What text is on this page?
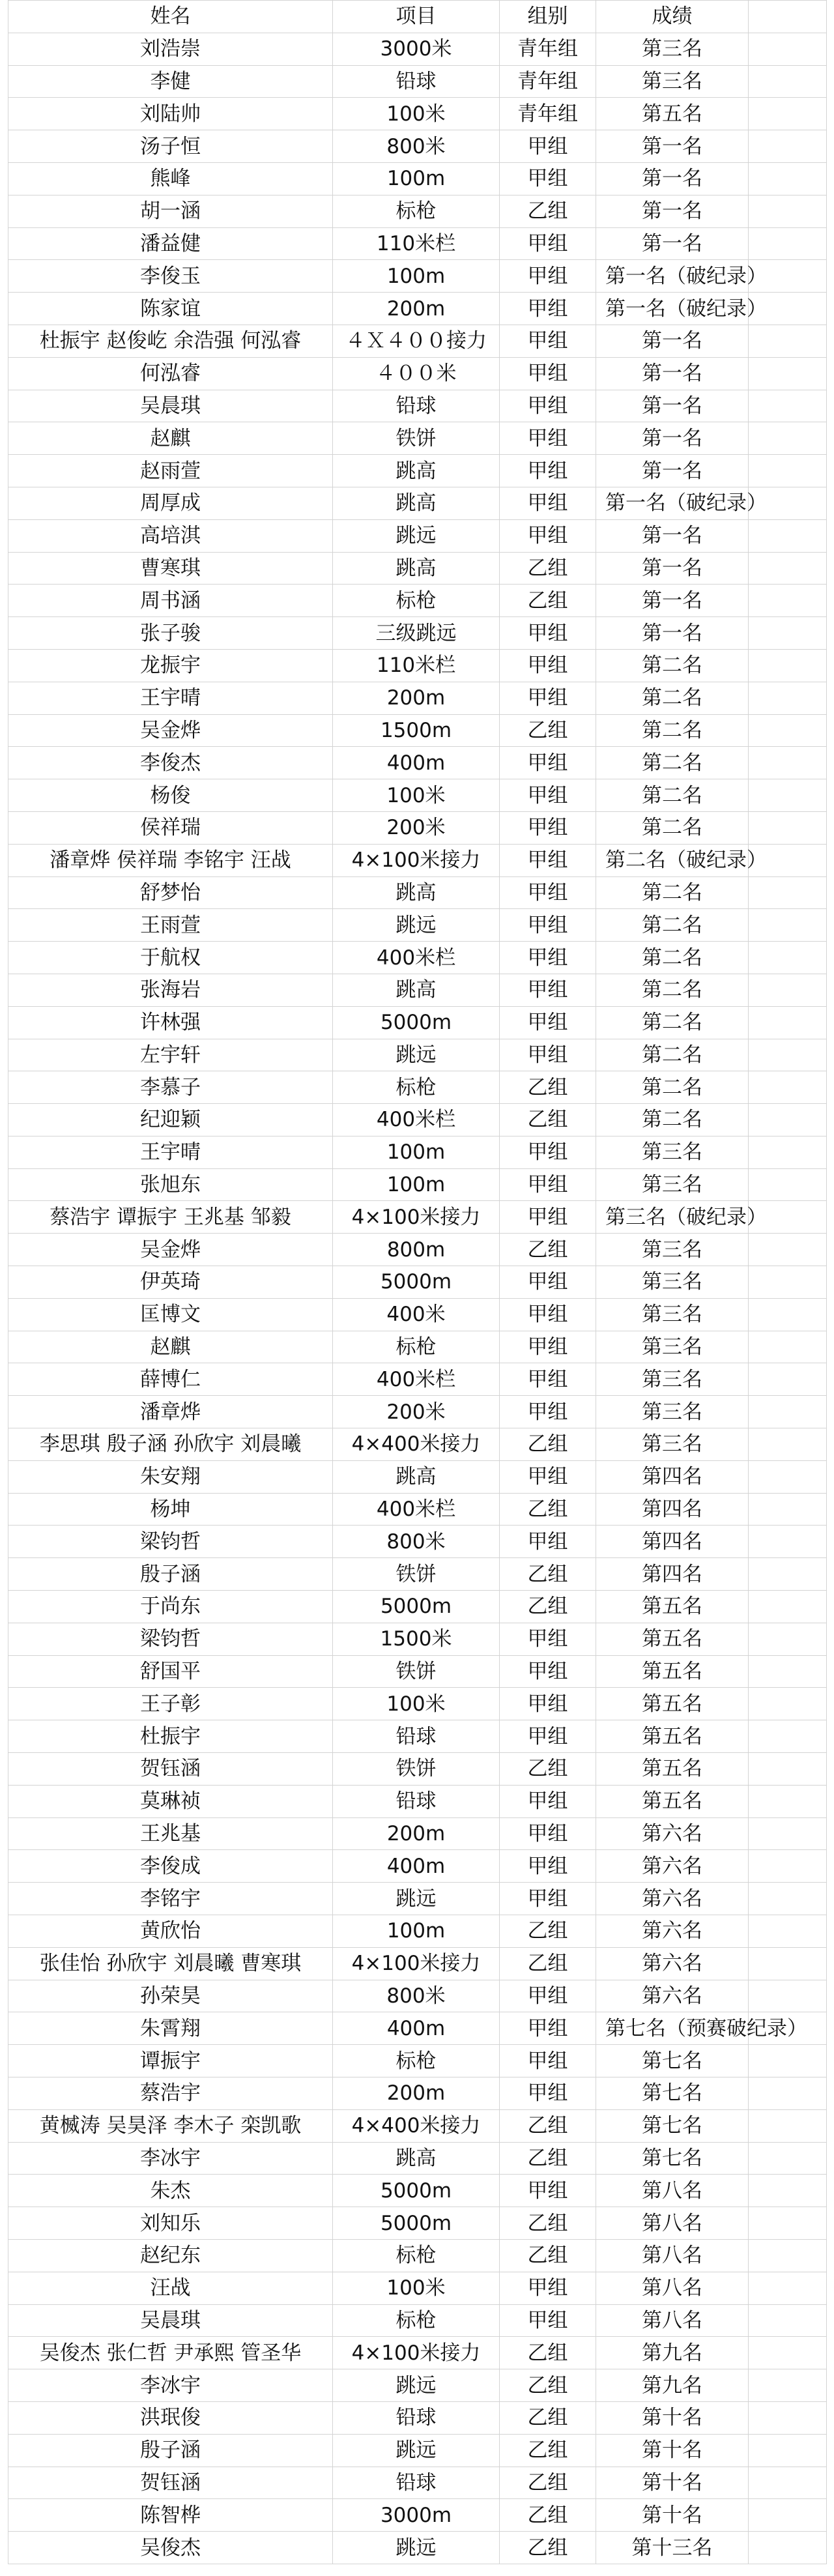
姓名	项目	组别	成绩	
刘浩崇	3000米	青年组	第三名	
李健	铅球	青年组	第三名	
刘陆帅	100米	青年组	第五名	
汤子恒	800米	甲组	第一名	
熊峰	100m	甲组	第一名	
胡一涵	标枪	乙组	第一名	
潘益健	110米栏	甲组	第一名	
李俊玉	100m	甲组	第一名（破纪录）	
陈家谊	200m	甲组	第一名（破纪录）	
杜振宇 赵俊屹 余浩强 何泓睿	４Ｘ４００接力	甲组	第一名	
何泓睿	４００米	甲组	第一名	
吴晨琪	铅球	甲组	第一名	
赵麒	铁饼	甲组	第一名	
赵雨萱	跳高	甲组	第一名	
周厚成	跳高	甲组	第一名（破纪录）	
高培淇	跳远	甲组	第一名	
曹寒琪	跳高	乙组	第一名	
周书涵	标枪	乙组	第一名	
张子骏	三级跳远	甲组	第一名	
龙振宇	110米栏	甲组	第二名	
王宇晴	200m	甲组	第二名	
吴金烨	1500m	乙组	第二名	
李俊杰	400m	甲组	第二名	
杨俊	100米	甲组	第二名	
侯祥瑞	200米	甲组	第二名	
潘章烨 侯祥瑞 李铭宇 汪战	4×100米接力	甲组	第二名（破纪录）	
舒梦怡	跳高	甲组	第二名	
王雨萱	跳远	甲组	第二名	
于航权	400米栏	甲组	第二名	
张海岩	跳高	甲组	第二名	
许林强	5000m	甲组	第二名	
左宇轩	跳远	甲组	第二名	
李慕子	标枪	乙组	第二名	
纪迎颖	400米栏	乙组	第二名	
王宇晴	100m	甲组	第三名	
张旭东	100m	甲组	第三名	
蔡浩宇 谭振宇 王兆基 邹毅	4×100米接力	甲组	第三名（破纪录）	
吴金烨	800m	乙组	第三名	
伊英琦	5000m	甲组	第三名	
匡博文	400米	甲组	第三名	
赵麒	标枪	甲组	第三名	
薛博仁	400米栏	甲组	第三名	
潘章烨	200米	甲组	第三名	
李思琪 殷子涵 孙欣宇 刘晨曦	4×400米接力	乙组	第三名	
朱安翔	跳高	甲组	第四名	
杨坤	400米栏	乙组	第四名	
梁钧哲	800米	甲组	第四名	
殷子涵	铁饼	乙组	第四名	
于尚东	5000m	乙组	第五名	
梁钧哲	1500米	甲组	第五名	
舒国平	铁饼	甲组	第五名	
王子彰	100米	甲组	第五名	
杜振宇	铅球	甲组	第五名	
贺钰涵	铁饼	乙组	第五名	
莫琳祯	铅球	甲组	第五名	
王兆基	200m	甲组	第六名	
李俊成	400m	甲组	第六名	
李铭宇	跳远	甲组	第六名	
黄欣怡	100m	乙组	第六名	
张佳怡 孙欣宇 刘晨曦 曹寒琪	4×100米接力	乙组	第六名	
孙荣昊	800米	甲组	第六名	
朱霄翔	400m	甲组	第七名（预赛破纪录）	
谭振宇	标枪	甲组	第七名	
蔡浩宇	200m	甲组	第七名	
黄楲涛 吴昊泽 李木子 栾凯歌	4×400米接力	乙组	第七名	
李冰宇	跳高	乙组	第七名	
朱杰	5000m	甲组	第八名	
刘知乐	5000m	乙组	第八名	
赵纪东	标枪	乙组	第八名	
汪战	100米	甲组	第八名	
吴晨琪	标枪	甲组	第八名	
吴俊杰 张仁哲 尹承熙 管圣华	4×100米接力	乙组	第九名	
李冰宇	跳远	乙组	第九名	
洪珉俊	铅球	乙组	第十名	
殷子涵	跳远	乙组	第十名	
贺钰涵	铅球	乙组	第十名	
陈智桦	3000m	乙组	第十名	
吴俊杰	跳远	乙组	第十三名	
